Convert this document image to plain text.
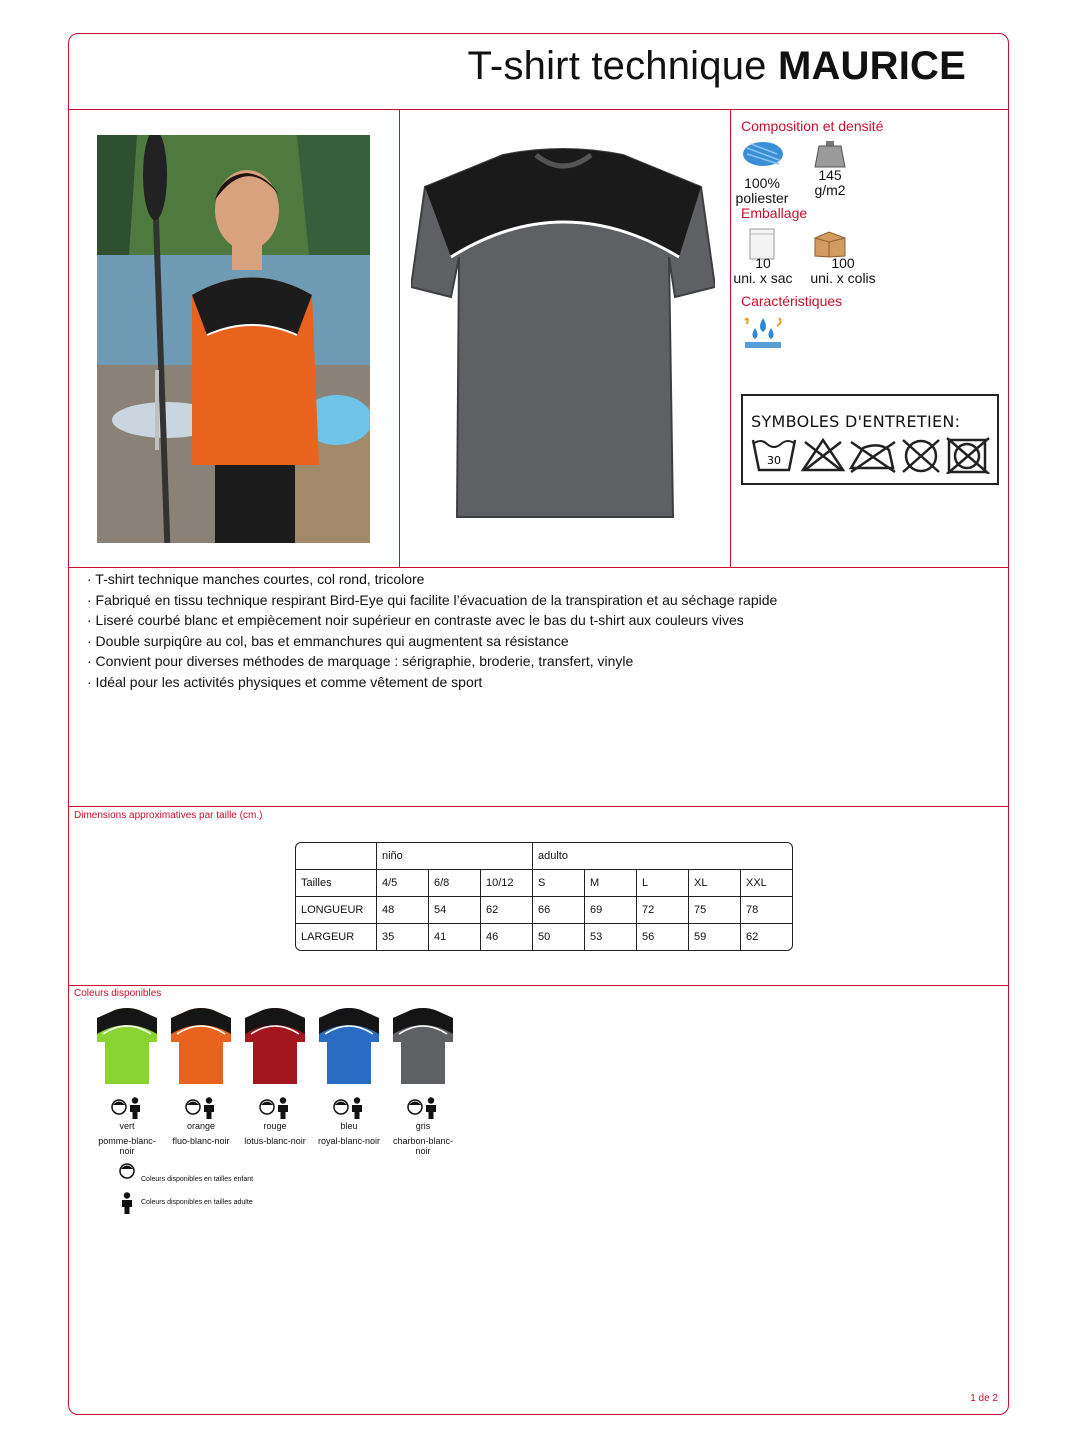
T-shirt technique MAURICE
Composition et densité
100%
poliester
145
g/m2
Emballage
10
uni. x sac
100
uni. x colis
Caractéristiques
SYMBOLES D'ENTRETIEN:
30
· T-shirt technique manches courtes, col rond, tricolore
· Fabriqué en tissu technique respirant Bird-Eye qui facilite l’évacuation de la transpiration et au séchage rapide
· Liseré courbé blanc et empiècement noir supérieur en contraste avec le bas du t-shirt aux couleurs vives
· Double surpiqûre au col, bas et emmanchures qui augmentent sa résistance
· Convient pour diverses méthodes de marquage : sérigraphie, broderie, transfert, vinyle
· Idéal pour les activités physiques et comme vêtement de sport
Dimensions approximatives par taille (cm.)
	niño			adulto				
Tailles	4/5	6/8	10/12	S	M	L	XL	XXL
LONGUEUR	48	54	62	66	69	72	75	78
LARGEUR	35	41	46	50	53	56	59	62
Coleurs disponibles
vert
pomme-blanc-noir
orange
fluo-blanc-noir
rouge
lotus-blanc-noir
bleu
royal-blanc-noir
gris
charbon-blanc-noir
Coleurs disponibles en tailles enfant
Coleurs disponibles en tailles adulte
1 de 2
